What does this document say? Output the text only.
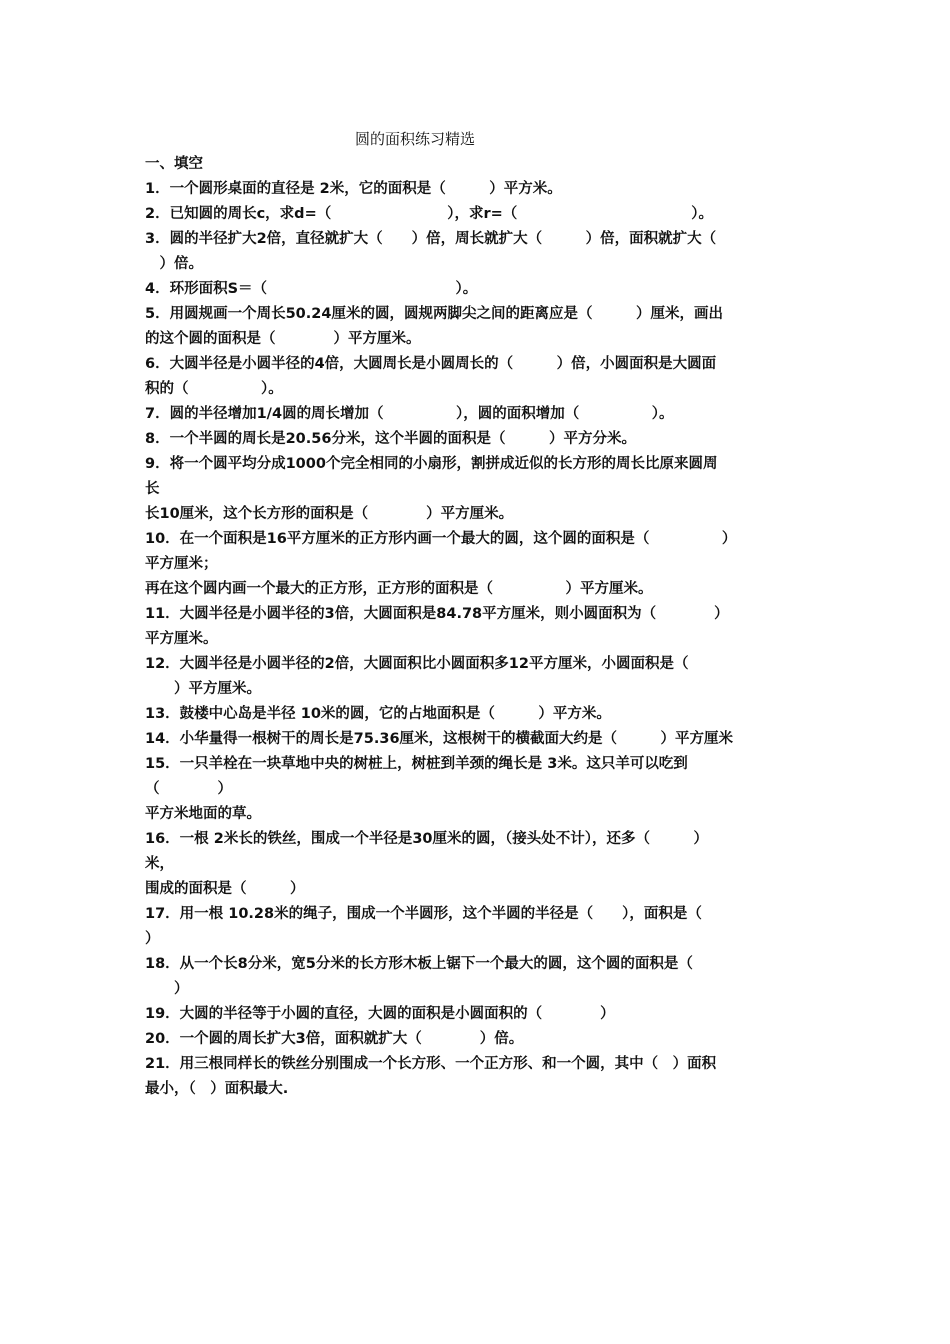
圆的面积练习精选
一、填空
1．一个圆形桌面的直径是 2米，它的面积是（　　　）平方米。
2．已知圆的周长c，求d=（　　　　　　　　），求r=（　　　　　　　　　　　　）。
3．圆的半径扩大2倍，直径就扩大（　　）倍，周长就扩大（　　　）倍，面积就扩大（
　）倍。
4．环形面积S＝（　　　　　　　　　　　　　）。
5．用圆规画一个周长50.24厘米的圆，圆规两脚尖之间的距离应是（　　　）厘米，画出
的这个圆的面积是（　　　　）平方厘米。
6．大圆半径是小圆半径的4倍，大圆周长是小圆周长的（　　　）倍，小圆面积是大圆面
积的（　　　　　）。
7．圆的半径增加1/4圆的周长增加（　　　　　），圆的面积增加（　　　　　）。
8．一个半圆的周长是20.56分米，这个半圆的面积是（　　　）平方分米。
9．将一个圆平均分成1000个完全相同的小扇形，割拼成近似的长方形的周长比原来圆周
长
长10厘米，这个长方形的面积是（　　　　）平方厘米。
10．在一个面积是16平方厘米的正方形内画一个最大的圆，这个圆的面积是（　　　　　）
平方厘米；
再在这个圆内画一个最大的正方形，正方形的面积是（　　　　　）平方厘米。
11．大圆半径是小圆半径的3倍，大圆面积是84.78平方厘米，则小圆面积为（　　　　）
平方厘米。
12．大圆半径是小圆半径的2倍，大圆面积比小圆面积多12平方厘米，小圆面积是（
　　）平方厘米。
13．鼓楼中心岛是半径 10米的圆，它的占地面积是（　　　）平方米。
14．小华量得一根树干的周长是75.36厘米，这根树干的横截面大约是（　　　）平方厘米
15．一只羊栓在一块草地中央的树桩上，树桩到羊颈的绳长是 3米。这只羊可以吃到
（　　　　）
平方米地面的草。
16．一根 2米长的铁丝，围成一个半径是30厘米的圆，（接头处不计），还多（　　　）
米，
围成的面积是（　　　）
17．用一根 10.28米的绳子，围成一个半圆形，这个半圆的半径是（　　），面积是（
）
18．从一个长8分米，宽5分米的长方形木板上锯下一个最大的圆，这个圆的面积是（
　　）
19．大圆的半径等于小圆的直径，大圆的面积是小圆面积的（　　　　）
20．一个圆的周长扩大3倍，面积就扩大（　　　　）倍。
21．用三根同样长的铁丝分别围成一个长方形、一个正方形、和一个圆，其中（　）面积
最小，（　）面积最大.
